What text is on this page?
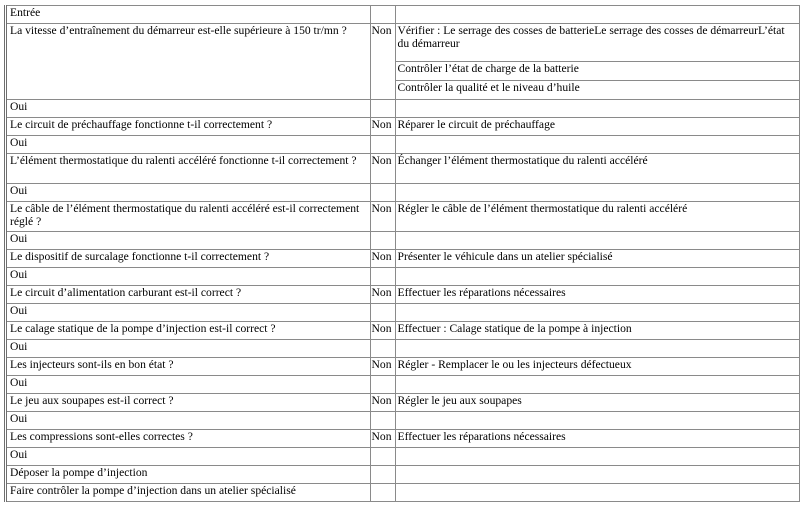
Entrée		
La vitesse d’entraînement du démarreur est-elle supérieure à 150 tr/mn ?	Non	Vérifier : Le serrage des cosses de batterieLe serrage des cosses de démarreurL’état du démarreur
		Contrôler l’état de charge de la batterie
		Contrôler la qualité et le niveau d’huile
Oui		
Le circuit de préchauffage fonctionne t-il correctement ?	Non	Réparer le circuit de préchauffage
Oui		
L’élément thermostatique du ralenti accéléré fonctionne t-il correctement ?	Non	Échanger l’élément thermostatique du ralenti accéléré
Oui		
Le câble de l’élément thermostatique du ralenti accéléré est-il correctement réglé ?	Non	Régler le câble de l’élément thermostatique du ralenti accéléré
Oui		
Le dispositif de surcalage fonctionne t-il correctement ?	Non	Présenter le véhicule dans un atelier spécialisé
Oui		
Le circuit d’alimentation carburant est-il correct ?	Non	Effectuer les réparations nécessaires
Oui		
Le calage statique de la pompe d’injection est-il correct ?	Non	Effectuer : Calage statique de la pompe à injection
Oui		
Les injecteurs sont-ils en bon état ?	Non	Régler - Remplacer le ou les injecteurs défectueux
Oui		
Le jeu aux soupapes est-il correct ?	Non	Régler le jeu aux soupapes
Oui		
Les compressions sont-elles correctes ?	Non	Effectuer les réparations nécessaires
Oui		
Déposer la pompe d’injection		
Faire contrôler la pompe d’injection dans un atelier spécialisé		
